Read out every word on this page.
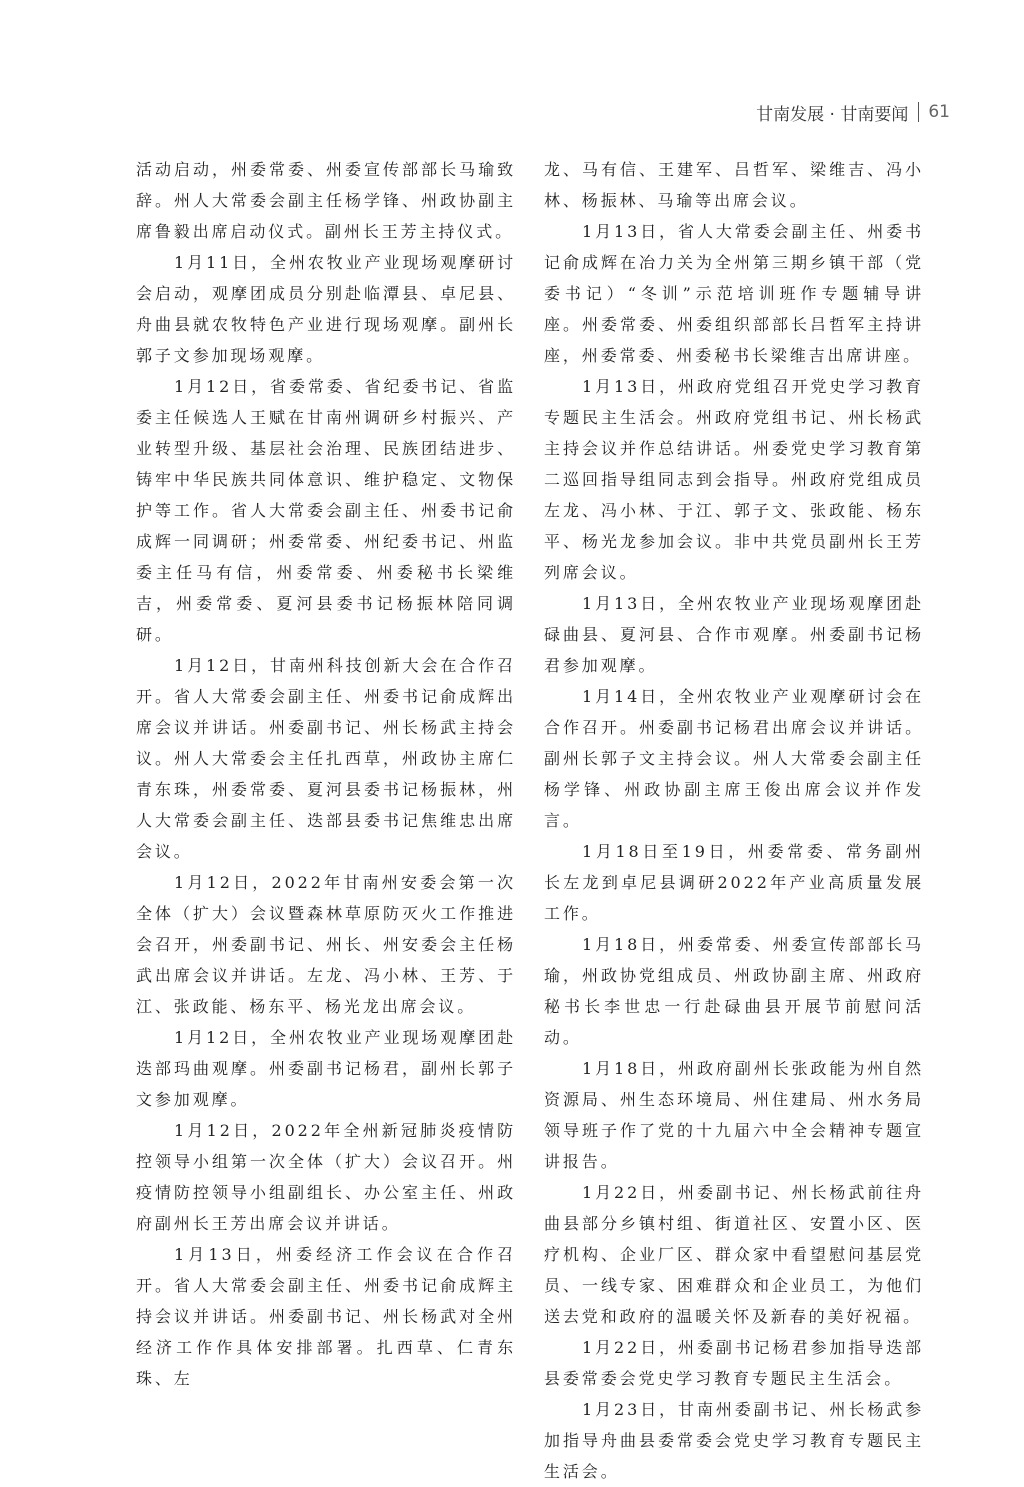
甘南发展 · 甘南要闻 61

活动启动，州委常委、州委宣传部部长马瑜致辞。州人大常委会副主任杨学锋、州政协副主席鲁毅出席启动仪式。副州长王芳主持仪式。

1月11日，全州农牧业产业现场观摩研讨会启动，观摩团成员分别赴临潭县、卓尼县、舟曲县就农牧特色产业进行现场观摩。副州长郭子文参加现场观摩。

1月12日，省委常委、省纪委书记、省监委主任候选人王赋在甘南州调研乡村振兴、产业转型升级、基层社会治理、民族团结进步、铸牢中华民族共同体意识、维护稳定、文物保护等工作。省人大常委会副主任、州委书记俞成辉一同调研；州委常委、州纪委书记、州监委主任马有信，州委常委、州委秘书长梁维吉，州委常委、夏河县委书记杨振林陪同调研。

1月12日，甘南州科技创新大会在合作召开。省人大常委会副主任、州委书记俞成辉出席会议并讲话。州委副书记、州长杨武主持会议。州人大常委会主任扎西草，州政协主席仁青东珠，州委常委、夏河县委书记杨振林，州人大常委会副主任、迭部县委书记焦维忠出席会议。

1月12日，2022年甘南州安委会第一次全体（扩大）会议暨森林草原防灭火工作推进会召开，州委副书记、州长、州安委会主任杨武出席会议并讲话。左龙、冯小林、王芳、于江、张政能、杨东平、杨光龙出席会议。

1月12日，全州农牧业产业现场观摩团赴迭部玛曲观摩。州委副书记杨君，副州长郭子文参加观摩。

1月12日，2022年全州新冠肺炎疫情防控领导小组第一次全体（扩大）会议召开。州疫情防控领导小组副组长、办公室主任、州政府副州长王芳出席会议并讲话。

1月13日，州委经济工作会议在合作召开。省人大常委会副主任、州委书记俞成辉主持会议并讲话。州委副书记、州长杨武对全州经济工作作具体安排部署。扎西草、仁青东珠、左

龙、马有信、王建军、吕哲军、梁维吉、冯小林、杨振林、马瑜等出席会议。

1月13日，省人大常委会副主任、州委书记俞成辉在冶力关为全州第三期乡镇干部（党委书记）“冬训”示范培训班作专题辅导讲座。州委常委、州委组织部部长吕哲军主持讲座，州委常委、州委秘书长梁维吉出席讲座。

1月13日，州政府党组召开党史学习教育专题民主生活会。州政府党组书记、州长杨武主持会议并作总结讲话。州委党史学习教育第二巡回指导组同志到会指导。州政府党组成员左龙、冯小林、于江、郭子文、张政能、杨东平、杨光龙参加会议。非中共党员副州长王芳列席会议。

1月13日，全州农牧业产业现场观摩团赴碌曲县、夏河县、合作市观摩。州委副书记杨君参加观摩。

1月14日，全州农牧业产业观摩研讨会在合作召开。州委副书记杨君出席会议并讲话。副州长郭子文主持会议。州人大常委会副主任杨学锋、州政协副主席王俊出席会议并作发言。

1月18日至19日，州委常委、常务副州长左龙到卓尼县调研2022年产业高质量发展工作。

1月18日，州委常委、州委宣传部部长马瑜，州政协党组成员、州政协副主席、州政府秘书长李世忠一行赴碌曲县开展节前慰问活动。

1月18日，州政府副州长张政能为州自然资源局、州生态环境局、州住建局、州水务局领导班子作了党的十九届六中全会精神专题宣讲报告。

1月22日，州委副书记、州长杨武前往舟曲县部分乡镇村组、街道社区、安置小区、医疗机构、企业厂区、群众家中看望慰问基层党员、一线专家、困难群众和企业员工，为他们送去党和政府的温暖关怀及新春的美好祝福。

1月22日，州委副书记杨君参加指导迭部县委常委会党史学习教育专题民主生活会。

1月23日，甘南州委副书记、州长杨武参加指导舟曲县委常委会党史学习教育专题民主生活会。
